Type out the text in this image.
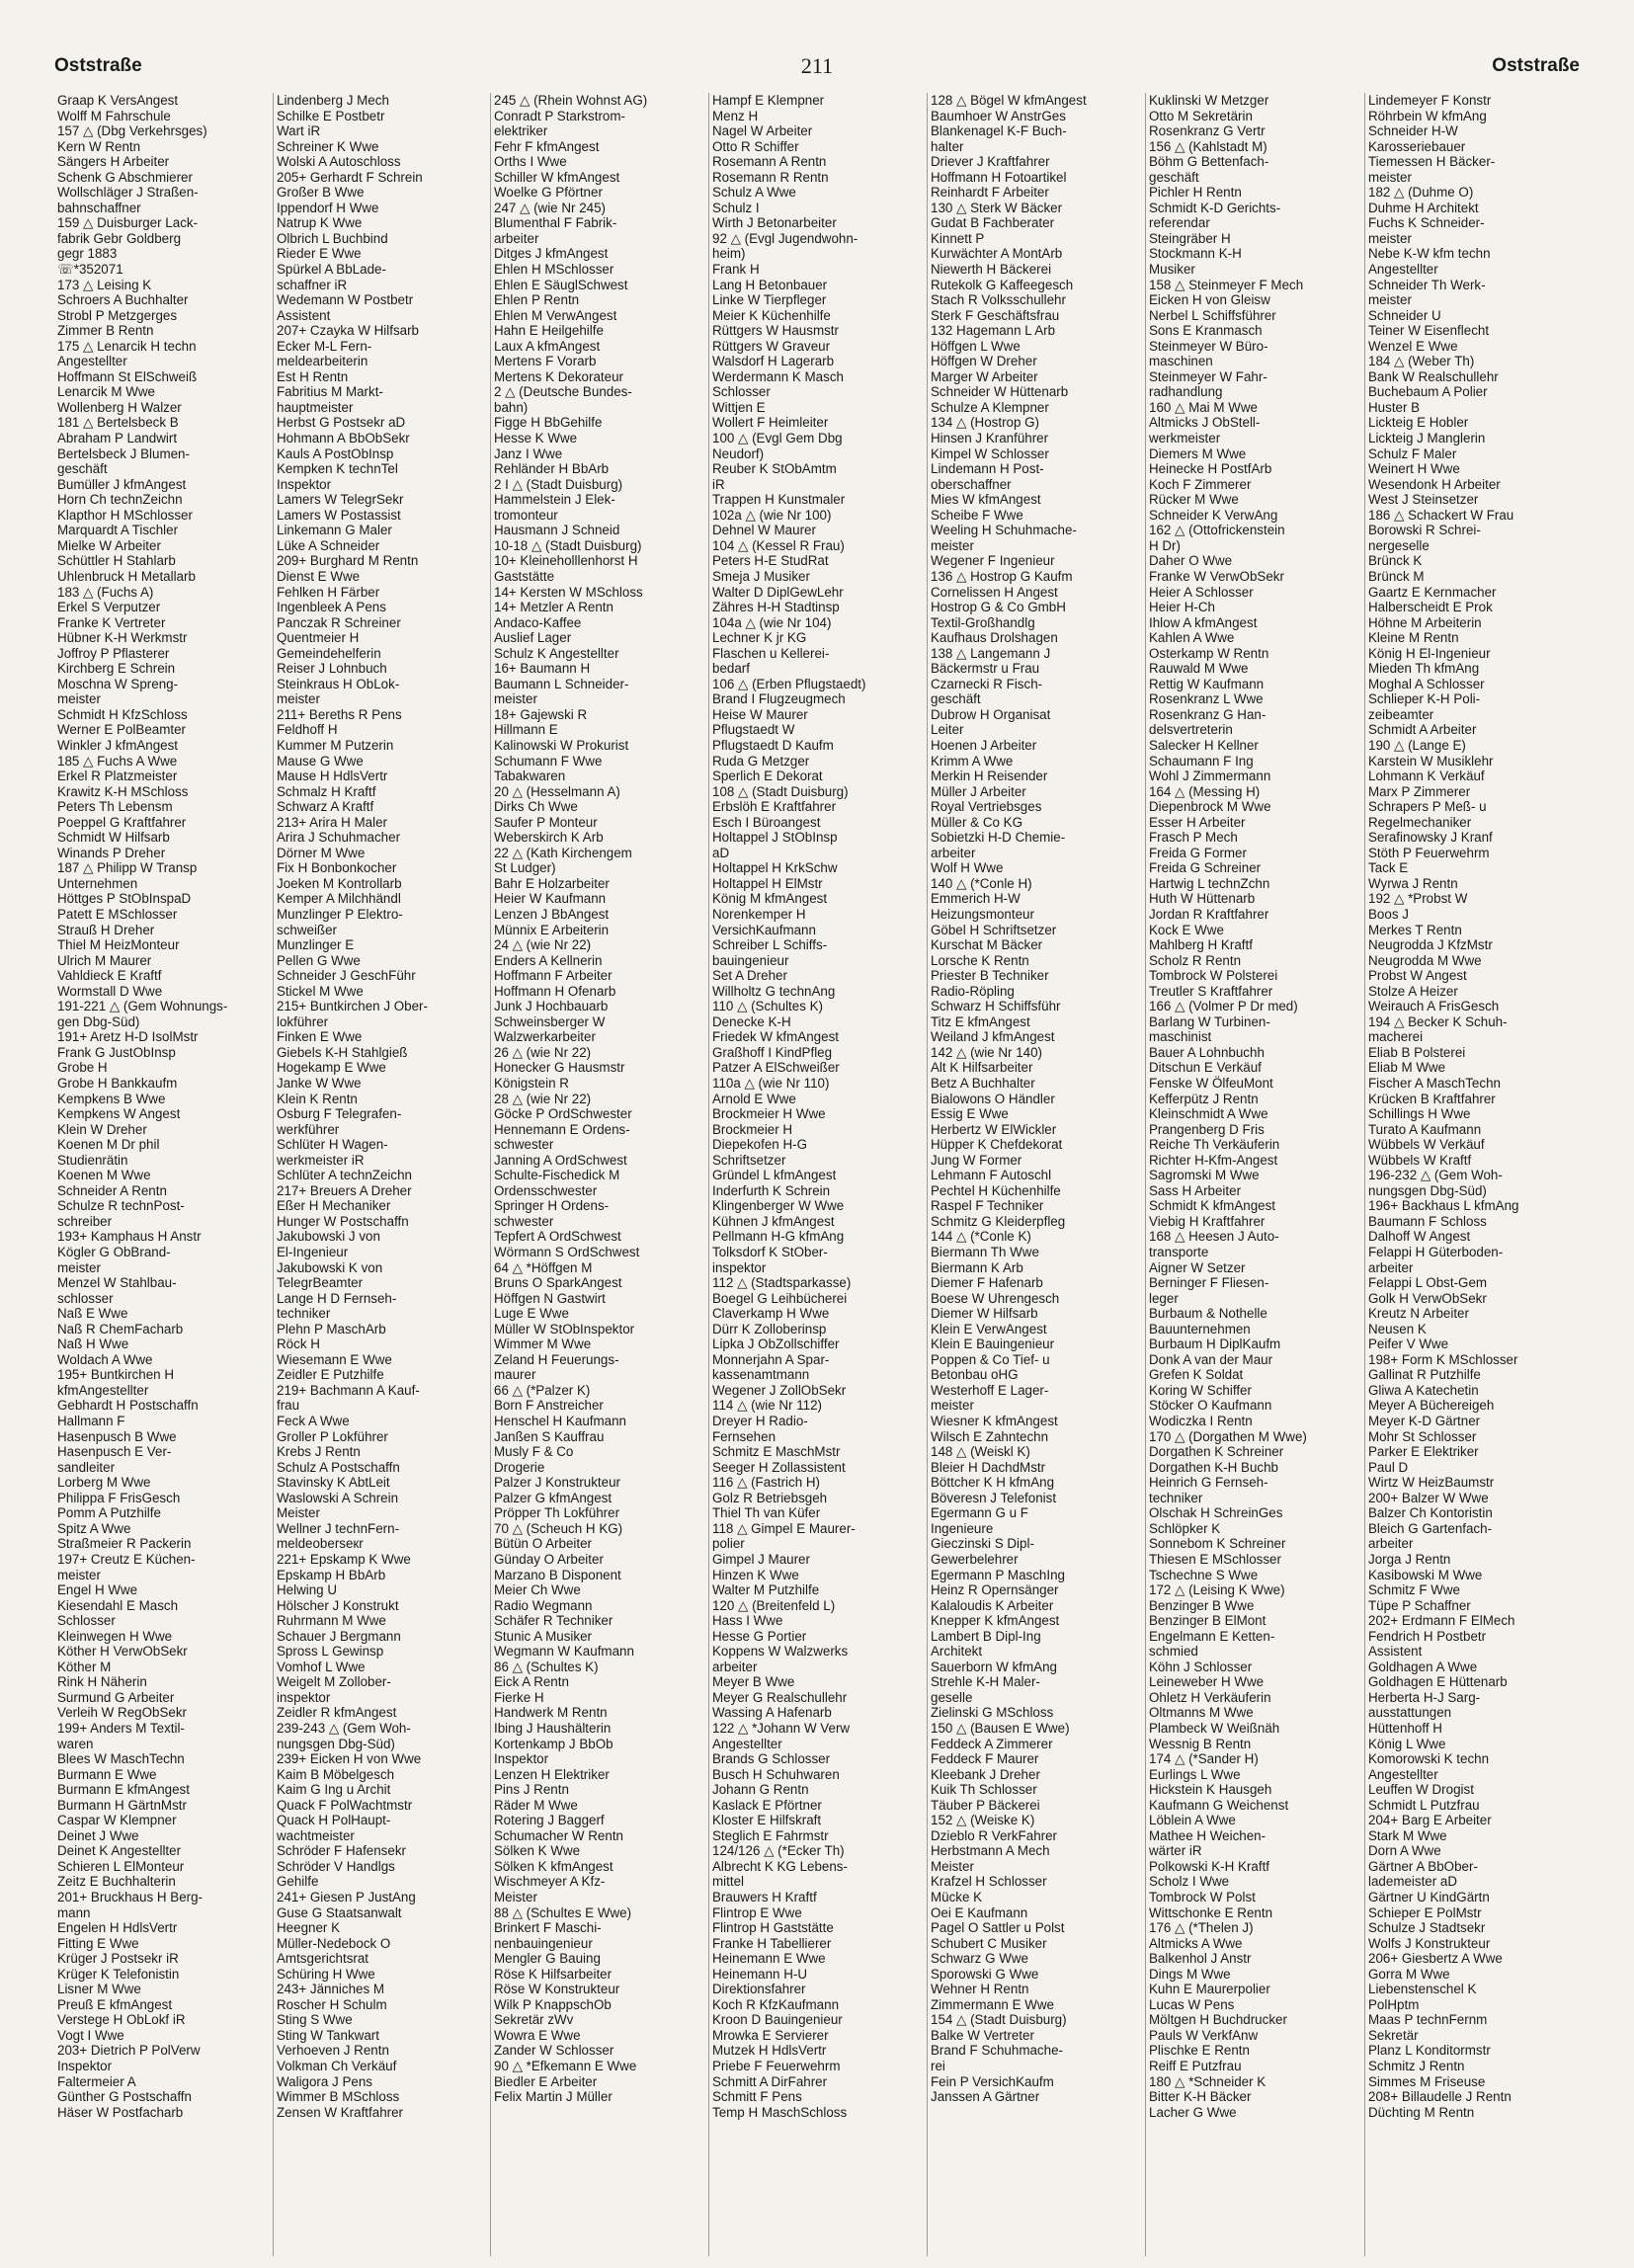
Oststraße	211	Oststraße
Graap K VersAngest
Wolff M Fahrschule
157 △ (Dbg Verkehrsges)
Kern W Rentn
Sängers H Arbeiter
Schenk G Abschmierer
Wollschläger J Straßen-
bahnschaffner
159 △ Duisburger Lack-
fabrik Gebr Goldberg
gegr 1883
☏*352071
173 △ Leising K
Schroers A Buchhalter
Strobl P Metzgerges
Zimmer B Rentn
175 △ Lenarcik H techn
Angestellter
Hoffmann St ElSchweiß
Lenarcik M Wwe
Wollenberg H Walzer
181 △ Bertelsbeck B
Abraham P Landwirt
Bertelsbeck J Blumen-
geschäft
Bumüller J kfmAngest
Horn Ch technZeichn
Klapthor H MSchlosser
Marquardt A Tischler
Mielke W Arbeiter
Schüttler H Stahlarb
Uhlenbruck H Metallarb
183 △ (Fuchs A)
Erkel S Verputzer
Franke K Vertreter
Hübner K-H Werkmstr
Joffroy P Pflasterer
Kirchberg E Schrein
Moschna W Spreng-
meister
Schmidt H KfzSchloss
Werner E PolBeamter
Winkler J kfmAngest
185 △ Fuchs A Wwe
Erkel R Platzmeister
Krawitz K-H MSchloss
Peters Th Lebensm
Poeppel G Kraftfahrer
Schmidt W Hilfsarb
Winands P Dreher
187 △ Philipp W Transp
Unternehmen
Höttges P StObInspaD
Patett E MSchlosser
Strauß H Dreher
Thiel M HeizMonteur
Ulrich M Maurer
Vahldieck E Kraftf
Wormstall D Wwe
191-221 △ (Gem Wohnungs-
gen Dbg-Süd)
191+ Aretz H-D IsolMstr
Frank G JustObInsp
Grobe H
Grobe H Bankkaufm
Kempkens B Wwe
Kempkens W Angest
Klein W Dreher
Koenen M Dr phil
Studienrätin
Koenen M Wwe
Schneider A Rentn
Schulze R technPost-
schreiber
193+ Kamphaus H Anstr
Kögler G ObBrand-
meister
Menzel W Stahlbau-
schlosser
Naß E Wwe
Naß R ChemFacharb
Naß H Wwe
Woldach A Wwe
195+ Buntkirchen H
kfmAngestellter
Gebhardt H Postschaffn
Hallmann F
Hasenpusch B Wwe
Hasenpusch E Ver-
sandleiter
Lorberg M Wwe
Philippa F FrisGesch
Pomm A Putzhilfe
Spitz A Wwe
Straßmeier R Packerin
197+ Creutz E Küchen-
meister
Engel H Wwe
Kiesendahl E Masch
Schlosser
Kleinwegen H Wwe
Köther H VerwObSekr
Köther M
Rink H Näherin
Surmund G Arbeiter
Verleih W RegObSekr
199+ Anders M Textil-
waren
Blees W MaschTechn
Burmann E Wwe
Burmann E kfmAngest
Burmann H GärtnMstr
Caspar W Klempner
Deinet J Wwe
Deinet K Angestellter
Schieren L ElMonteur
Zeitz E Buchhalterin
201+ Bruckhaus H Berg-
mann
Engelen H HdlsVertr
Fitting E Wwe
Krüger J Postsekr iR
Krüger K Telefonistin
Lisner M Wwe
Preuß E kfmAngest
Verstege H ObLokf iR
Vogt I Wwe
203+ Dietrich P PolVerw
Inspektor
Faltermeier A
Günther G Postschaffn
Häser W Postfacharb
Lindenberg J Mech
Schilke E Postbetr
Wart iR
Schreiner K Wwe
Wolski A Autoschloss
205+ Gerhardt F Schrein
Großer B Wwe
Ippendorf H Wwe
Natrup K Wwe
Olbrich L Buchbind
Rieder E Wwe
Spürkel A BbLade-
schaffner iR
Wedemann W Postbetr
Assistent
207+ Czayka W Hilfsarb
Ecker M-L Fern-
meldearbeiterin
Est H Rentn
Fabritius M Markt-
hauptmeister
Herbst G Postsekr aD
Hohmann A BbObSekr
Kauls A PostObInsp
Kempken K technTel
Inspektor
Lamers W TelegrSekr
Lamers W Postassist
Linkemann G Maler
Lüke A Schneider
209+ Burghard M Rentn
Dienst E Wwe
Fehlken H Färber
Ingenbleek A Pens
Panczak R Schreiner
Quentmeier H
Gemeindehelferin
Reiser J Lohnbuch
Steinkraus H ObLok-
meister
211+ Bereths R Pens
Feldhoff H
Kummer M Putzerin
Mause G Wwe
Mause H HdlsVertr
Schmalz H Kraftf
Schwarz A Kraftf
213+ Arira H Maler
Arira J Schuhmacher
Dörner M Wwe
Fix H Bonbonkocher
Joeken M Kontrollarb
Kemper A Milchhändl
Munzlinger P Elektro-
schweißer
Munzlinger E
Pellen G Wwe
Schneider J GeschFühr
Stickel M Wwe
215+ Buntkirchen J Ober-
lokführer
Finken E Wwe
Giebels K-H Stahlgieß
Hogekamp E Wwe
Janke W Wwe
Klein K Rentn
Osburg F Telegrafen-
werkführer
Schlüter H Wagen-
werkmeister iR
Schlüter A technZeichn
217+ Breuers A Dreher
Eßer H Mechaniker
Hunger W Postschaffn
Jakubowski J von
El-Ingenieur
Jakubowski K von
TelegrBeamter
Lange H D Fernseh-
techniker
Plehn P MaschArb
Röck H
Wiesemann E Wwe
Zeidler E Putzhilfe
219+ Bachmann A Kauf-
frau
Feck A Wwe
Groller P Lokführer
Krebs J Rentn
Schulz A Postschaffn
Stavinsky K AbtLeit
Waslowski A Schrein
Meister
Wellner J technFern-
meldeoberseкr
221+ Epskamp K Wwe
Epskamp H BbArb
Helwing U
Hölscher J Konstrukt
Ruhrmann M Wwe
Schauer J Bergmann
Spross L Gewinsp
Vomhof L Wwe
Weigelt M Zollober-
inspektor
Zeidler R kfmAngest
239-243 △ (Gem Woh-
nungsgen Dbg-Süd)
239+ Eicken H von Wwe
Kaim B Möbelgesch
Kaim G Ing u Archit
Quack F PolWachtmstr
Quack H PolHaupt-
wachtmeister
Schröder F Hafensekr
Schröder V Handlgs
Gehilfe
241+ Giesen P JustAng
Guse G Staatsanwalt
Heegner K
Müller-Nedebock O
Amtsgerichtsrat
Schüring H Wwe
243+ Jänniches M
Roscher H Schulm
Sting S Wwe
Sting W Tankwart
Verhoeven J Rentn
Volkman Ch Verkäuf
Waligora J Pens
Wimmer B MSchloss
Zensen W Kraftfahrer
245 △ (Rhein Wohnst AG)
Conradt P Starkstrom-
elektriker
Fehr F kfmAngest
Orths I Wwe
Schiller W kfmAngest
Woelke G Pförtner
247 △ (wie Nr 245)
Blumenthal F Fabrik-
arbeiter
Ditges J kfmAngest
Ehlen H MSchlosser
Ehlen E SäuglSchwest
Ehlen P Rentn
Ehlen M VerwAngest
Hahn E Heilgehilfe
Laux A kfmAngest
Mertens F Vorarb
Mertens K Dekorateur
2 △ (Deutsche Bundes-
bahn)
Figge H BbGehilfe
Hesse K Wwe
Janz I Wwe
Rehländer H BbArb
2 I △ (Stadt Duisburg)
Hammelstein J Elek-
tromonteur
Hausmann J Schneid
10-18 △ (Stadt Duisburg)
10+ Kleineholllenhorst H
Gaststätte
14+ Kersten W MSchloss
14+ Metzler A Rentn
Andaco-Kaffee
Auslief Lager
Schulz K Angestellter
16+ Baumann H
Baumann L Schneider-
meister
18+ Gajewski R
Hillmann E
Kalinowski W Prokurist
Schumann F Wwe
Tabakwaren
20 △ (Hesselmann A)
Dirks Ch Wwe
Saufer P Monteur
Weberskirch K Arb
22 △ (Kath Kirchengem
St Ludger)
Bahr E Holzarbeiter
Heier W Kaufmann
Lenzen J BbAngest
Münnix E Arbeiterin
24 △ (wie Nr 22)
Enders A Kellnerin
Hoffmann F Arbeiter
Hoffmann H Ofenarb
Junk J Hochbauarb
Schweinsberger W
Walzwerkarbeiter
26 △ (wie Nr 22)
Honecker G Hausmstr
Königstein R
28 △ (wie Nr 22)
Göcke P OrdSchwester
Hennemann E Ordens-
schwester
Janning A OrdSchwest
Schulte-Fischedick M
Ordensschwester
Springer H Ordens-
schwester
Tepfert A OrdSchwest
Wörmann S OrdSchwest
64 △ *Höffgen M
Bruns O SparkAngest
Höffgen N Gastwirt
Luge E Wwe
Müller W StObInspektor
Wimmer M Wwe
Zeland H Feuerungs-
maurer
66 △ (*Palzer K)
Born F Anstreicher
Henschel H Kaufmann
Janßen S Kauffrau
Musly F & Co
Drogerie
Palzer J Konstrukteur
Palzer G kfmAngest
Pröpper Th Lokführer
70 △ (Scheuch H KG)
Bütün O Arbeiter
Günday O Arbeiter
Marzano B Disponent
Meier Ch Wwe
Radio Wegmann
Schäfer R Techniker
Stunic A Musiker
Wegmann W Kaufmann
86 △ (Schultes K)
Eick A Rentn
Fierke H
Handwerk M Rentn
Ibing J Haushälterin
Kortenkamp J BbOb
Inspektor
Lenzen H Elektriker
Pins J Rentn
Räder M Wwe
Rotering J Baggerf
Schumacher W Rentn
Sölken K Wwe
Sölken K kfmAngest
Wischmeyer A Kfz-
Meister
88 △ (Schultes E Wwe)
Brinkert F Maschi-
nenbauingenieur
Mengler G Bauing
Röse K Hilfsarbeiter
Röse W Konstrukteur
Wilk P KnappschOb
Sekretär zWv
Wowra E Wwe
Zander W Schlosser
90 △ *Efkemann E Wwe
Biedler E Arbeiter
Felix Martin J Müller
Hampf E Klempner
Menz H
Nagel W Arbeiter
Otto R Schiffer
Rosemann A Rentn
Rosemann R Rentn
Schulz A Wwe
Schulz I
Wirth J Betonarbeiter
92 △ (Evgl Jugendwohn-
heim)
Frank H
Lang H Betonbauer
Linke W Tierpfleger
Meier K Küchenhilfe
Rüttgers W Hausmstr
Rüttgers W Graveur
Walsdorf H Lagerarb
Werdermann K Masch
Schlosser
Wittjen E
Wollert F Heimleiter
100 △ (Evgl Gem Dbg
Neudorf)
Reuber K StObAmtm
iR
Trappen H Kunstmaler
102a △ (wie Nr 100)
Dehnel W Maurer
104 △ (Kessel R Frau)
Peters H-E StudRat
Smeja J Musiker
Walter D DiplGewLehr
Zähres H-H Stadtinsp
104a △ (wie Nr 104)
Lechner K jr KG
Flaschen u Kellerei-
bedarf
106 △ (Erben Pflugstaedt)
Brand I Flugzeugmech
Heise W Maurer
Pflugstaedt W
Pflugstaedt D Kaufm
Ruda G Metzger
Sperlich E Dekorat
108 △ (Stadt Duisburg)
Erbslöh E Kraftfahrer
Esch I Büroangest
Holtappel J StObInsp
aD
Holtappel H KrkSchw
Holtappel H ElMstr
König M kfmAngest
Norenkemper H
VersichKaufmann
Schreiber L Schiffs-
bauingenieur
Set A Dreher
Willholtz G technAng
110 △ (Schultes K)
Denecke K-H
Friedek W kfmAngest
Graßhoff I KindPfleg
Patzer A ElSchweißer
110a △ (wie Nr 110)
Arnold E Wwe
Brockmeier H Wwe
Brockmeier H
Diepekofen H-G
Schriftsetzer
Gründel L kfmAngest
Inderfurth K Schrein
Klingenberger W Wwe
Kühnen J kfmAngest
Pellmann H-G kfmAng
Tolksdorf K StOber-
inspektor
112 △ (Stadtsparkasse)
Boegel G Leihbücherei
Claverkamp H Wwe
Dürr K Zolloberinsp
Lipka J ObZollschiffer
Monnerjahn A Spar-
kassenamtmann
Wegener J ZollObSekr
114 △ (wie Nr 112)
Dreyer H Radio-
Fernsehen
Schmitz E MaschMstr
Seeger H Zollassistent
116 △ (Fastrich H)
Golz R Betriebsgeh
Thiel Th van Küfer
118 △ Gimpel E Maurer-
polier
Gimpel J Maurer
Hinzen K Wwe
Walter M Putzhilfe
120 △ (Breitenfeld L)
Hass I Wwe
Hesse G Portier
Koppens W Walzwerks
arbeiter
Meyer B Wwe
Meyer G Realschullehr
Wassing A Hafenarb
122 △ *Johann W Verw
Angestellter
Brands G Schlosser
Busch H Schuhwaren
Johann G Rentn
Kaslack E Pförtner
Kloster E Hilfskraft
Steglich E Fahrmstr
124/126 △ (*Ecker Th)
Albrecht K KG Lebens-
mittel
Brauwers H Kraftf
Flintrop E Wwe
Flintrop H Gaststätte
Franke H Tabellierer
Heinemann E Wwe
Heinemann H-U
Direktionsfahrer
Koch R KfzKaufmann
Kroon D Bauingenieur
Mrowka E Servierer
Mutzek H HdlsVertr
Priebe F Feuerwehrm
Schmitt A DirFahrer
Schmitt F Pens
Temp H MaschSchloss
128 △ Bögel W kfmAngest
Baumhoer W AnstrGes
Blankenagel K-F Buch-
halter
Driever J Kraftfahrer
Hoffmann H Fotoartikel
Reinhardt F Arbeiter
130 △ Sterk W Bäcker
Gudat B Fachberater
Kinnett P
Kurwächter A MontArb
Niewerth H Bäckerei
Rutekolk G Kaffeegesch
Stach R Volksschullehr
Sterk F Geschäftsfrau
132 Hagemann L Arb
Höffgen L Wwe
Höffgen W Dreher
Marger W Arbeiter
Schneider W Hüttenarb
Schulze A Klempner
134 △ (Hostrop G)
Hinsen J Kranführer
Kimpel W Schlosser
Lindemann H Post-
oberschaffner
Mies W kfmAngest
Scheibe F Wwe
Weeling H Schuhmache-
meister
Wegener F Ingenieur
136 △ Hostrop G Kaufm
Cornelissen H Angest
Hostrop G & Co GmbH
Textil-Großhandlg
Kaufhaus Drolshagen
138 △ Langemann J
Bäckermstr u Frau
Czarnecki R Fisch-
geschäft
Dubrow H Organisat
Leiter
Hoenen J Arbeiter
Krimm A Wwe
Merkin H Reisender
Müller J Arbeiter
Royal Vertriebsges
Müller & Co KG
Sobietzki H-D Chemie-
arbeiter
Wolf H Wwe
140 △ (*Conle H)
Emmerich H-W
Heizungsmonteur
Göbel H Schriftsetzer
Kurschat M Bäcker
Lorsche K Rentn
Priester B Techniker
Radio-Röpling
Schwarz H Schiffsführ
Titz E kfmAngest
Weiland J kfmAngest
142 △ (wie Nr 140)
Alt K Hilfsarbeiter
Betz A Buchhalter
Bialowons O Händler
Essig E Wwe
Herbertz W ElWickler
Hüpper K Chefdekorat
Jung W Former
Lehmann F Autoschl
Pechtel H Küchenhilfe
Raspel F Techniker
Schmitz G Kleiderpfleg
144 △ (*Conle K)
Biermann Th Wwe
Biermann K Arb
Diemer F Hafenarb
Boese W Uhrengesch
Diemer W Hilfsarb
Klein E VerwAngest
Klein E Bauingenieur
Poppen & Co Tief- u
Betonbau oHG
Westerhoff E Lager-
meister
Wiesner K kfmAngest
Wilsch E Zahntechn
148 △ (Weiskl K)
Bleier H DachdMstr
Böttcher K H kfmAng
Böveresn J Telefonist
Egermann G u F
Ingenieure
Gieczinski S Dipl-
Gewerbelehrer
Egermann P MaschIng
Heinz R Opernsänger
Kalaloudis K Arbeiter
Knepper K kfmAngest
Lambert B Dipl-Ing
Architekt
Sauerborn W kfmAng
Strehle K-H Maler-
geselle
Zielinski G MSchloss
150 △ (Bausen E Wwe)
Feddeck A Zimmerer
Feddeck F Maurer
Kleebank J Dreher
Kuik Th Schlosser
Täuber P Bäckerei
152 △ (Weiske K)
Dzieblo R VerkFahrer
Herbstmann A Mech
Meister
Krafzel H Schlosser
Mücke K
Oei E Kaufmann
Pagel O Sattler u Polst
Schubert C Musiker
Schwarz G Wwe
Sporowski G Wwe
Wehner H Rentn
Zimmermann E Wwe
154 △ (Stadt Duisburg)
Balke W Vertreter
Brand F Schuhmache-
rei
Fein P VersichKaufm
Janssen A Gärtner
Kuklinski W Metzger
Otto M Sekretärin
Rosenkranz G Vertr
156 △ (Kahlstadt M)
Böhm G Bettenfach-
geschäft
Pichler H Rentn
Schmidt K-D Gerichts-
referendar
Steingräber H
Stockmann K-H
Musiker
158 △ Steinmeyer F Mech
Eicken H von Gleisw
Nerbel L Schiffsführer
Sons E Kranmasch
Steinmeyer W Büro-
maschinen
Steinmeyer W Fahr-
radhandlung
160 △ Mai M Wwe
Altmicks J ObStell-
werkmeister
Diemers M Wwe
Heinecke H PostfArb
Koch F Zimmerer
Rücker M Wwe
Schneider K VerwAng
162 △ (Ottofrickenstein
H Dr)
Daher O Wwe
Franke W VerwObSekr
Heier A Schlosser
Heier H-Ch
Ihlow A kfmAngest
Kahlen A Wwe
Osterkamp W Rentn
Rauwald M Wwe
Rettig W Kaufmann
Rosenkranz L Wwe
Rosenkranz G Han-
delsvertreterin
Salecker H Kellner
Schaumann F Ing
Wohl J Zimmermann
164 △ (Messing H)
Diepenbrock M Wwe
Esser H Arbeiter
Frasch P Mech
Freida G Former
Freida G Schreiner
Hartwig L technZchn
Huth W Hüttenarb
Jordan R Kraftfahrer
Kock E Wwe
Mahlberg H Kraftf
Scholz R Rentn
Tombrock W Polsterei
Treutler S Kraftfahrer
166 △ (Volmer P Dr med)
Barlang W Turbinen-
maschinist
Bauer A Lohnbuchh
Ditschun E Verkäuf
Fenske W ÖlfeuMont
Kefferpütz J Rentn
Kleinschmidt A Wwe
Prangenberg D Fris
Reiche Th Verkäuferin
Richter H-Kfm-Angest
Sagromski M Wwe
Sass H Arbeiter
Schmidt K kfmAngest
Viebig H Kraftfahrer
168 △ Heesen J Auto-
transporte
Aigner W Setzer
Berninger F Fliesen-
leger
Burbaum & Nothelle
Bauunternehmen
Burbaum H DiplKaufm
Donk A van der Maur
Grefen K Soldat
Koring W Schiffer
Stöcker O Kaufmann
Wodiczka I Rentn
170 △ (Dorgathen M Wwe)
Dorgathen K Schreiner
Dorgathen K-H Buchb
Heinrich G Fernseh-
techniker
Olschak H SchreinGes
Schlöpker K
Sonnebom K Schreiner
Thiesen E MSchlosser
Tschechne S Wwe
172 △ (Leising K Wwe)
Benzinger B Wwe
Benzinger B ElMont
Engelmann E Ketten-
schmied
Köhn J Schlosser
Leineweber H Wwe
Ohletz H Verkäuferin
Oltmanns M Wwe
Plambeck W Weißnäh
Wessnig B Rentn
174 △ (*Sander H)
Eurlings L Wwe
Hickstein K Hausgeh
Kaufmann G Weichenst
Löblein A Wwe
Mathee H Weichen-
wärter iR
Polkowski K-H Kraftf
Scholz I Wwe
Tombrock W Polst
Wittschonke E Rentn
176 △ (*Thelen J)
Altmicks A Wwe
Balkenhol J Anstr
Dings M Wwe
Kuhn E Maurerpolier
Lucas W Pens
Möltgen H Buchdrucker
Pauls W VerkfAnw
Plischke E Rentn
Reiff E Putzfrau
180 △ *Schneider K
Bitter K-H Bäcker
Lacher G Wwe
Lindemeyer F Konstr
Röhrbein W kfmAng
Schneider H-W
Karosseriebauer
Tiemessen H Bäcker-
meister
182 △ (Duhme O)
Duhme H Architekt
Fuchs K Schneider-
meister
Nebe K-W kfm techn
Angestellter
Schneider Th Werk-
meister
Schneider U
Teiner W Eisenflecht
Wenzel E Wwe
184 △ (Weber Th)
Bank W Realschullehr
Buchebaum A Polier
Huster B
Lickteig E Hobler
Lickteig J Manglerin
Schulz F Maler
Weinert H Wwe
Wesendonk H Arbeiter
West J Steinsetzer
186 △ Schackert W Frau
Borowski R Schrei-
nergeselle
Brünck K
Brünck M
Gaartz E Kernmacher
Halberscheidt E Prok
Höhne M Arbeiterin
Kleine M Rentn
König H El-Ingenieur
Mieden Th kfmAng
Moghal A Schlosser
Schlieper K-H Poli-
zeibeamter
Schmidt A Arbeiter
190 △ (Lange E)
Karstein W Musiklehr
Lohmann K Verkäuf
Marx P Zimmerer
Schrapers P Meß- u
Regelmechaniker
Serafinowsky J Kranf
Stöth P Feuerwehrm
Tack E
Wyrwa J Rentn
192 △ *Probst W
Boos J
Merkes T Rentn
Neugrodda J KfzMstr
Neugrodda M Wwe
Probst W Angest
Stolze A Heizer
Weirauch A FrisGesch
194 △ Becker K Schuh-
macherei
Eliab B Polsterei
Eliab M Wwe
Fischer A MaschTechn
Krücken B Kraftfahrer
Schillings H Wwe
Turato A Kaufmann
Wübbels W Verkäuf
Wübbels W Kraftf
196-232 △ (Gem Woh-
nungsgen Dbg-Süd)
196+ Backhaus L kfmAng
Baumann F Schloss
Dalhoff W Angest
Felappi H Güterboden-
arbeiter
Felappi L Obst-Gem
Golk H VerwObSekr
Kreutz N Arbeiter
Neusen K
Peifer V Wwe
198+ Form K MSchlosser
Gallinat R Putzhilfe
Gliwa A Katechetin
Meyer A Büchereigeh
Meyer K-D Gärtner
Mohr St Schlosser
Parker E Elektriker
Paul D
Wirtz W HeizBaumstr
200+ Balzer W Wwe
Balzer Ch Kontoristin
Bleich G Gartenfach-
arbeiter
Jorga J Rentn
Kasibowski M Wwe
Schmitz F Wwe
Tüpe P Schaffner
202+ Erdmann F ElMech
Fendrich H Postbetr
Assistent
Goldhagen A Wwe
Goldhagen E Hüttenarb
Herberta H-J Sarg-
ausstattungen
Hüttenhoff H
König L Wwe
Komorowski K techn
Angestellter
Leuffen W Drogist
Schmidt L Putzfrau
204+ Barg E Arbeiter
Stark M Wwe
Dorn A Wwe
Gärtner A BbOber-
lademeister aD
Gärtner U KindGärtn
Schieper E PolMstr
Schulze J Stadtsekr
Wolfs J Konstrukteur
206+ Giesbertz A Wwe
Gorra M Wwe
Liebenstenschel K
PolHptm
Maas P technFernm
Sekretär
Planz L Konditormstr
Schmitz J Rentn
Simmes M Friseuse
208+ Billaudelle J Rentn
Düchting M Rentn
